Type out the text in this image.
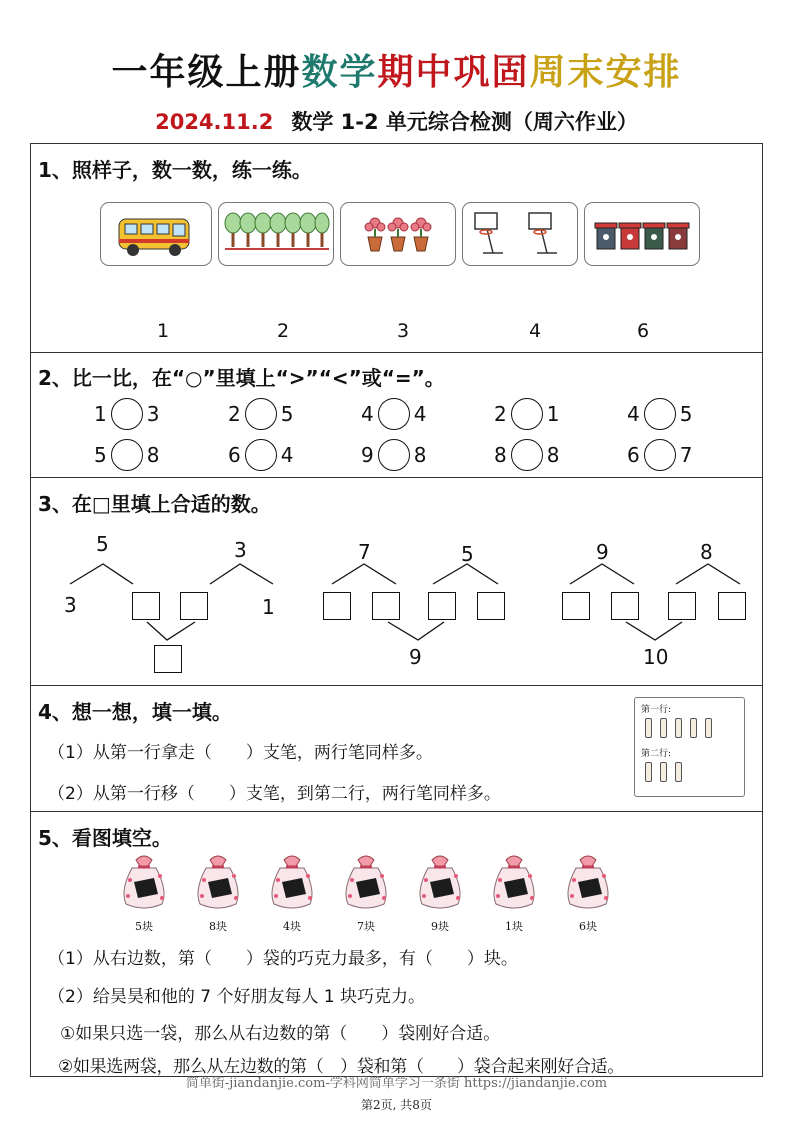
一年级上册数学期中巩固周末安排
2024.11.2 数学 1-2 单元综合检测（周六作业）
1、照样子，数一数，练一练。
1	2	3	4	6
2、比一比，在“○”里填上“>”“<”或“=”。
1 3	2 5	4 4	2 1	4 5
5 8	6 4	9 8	8 8	6 7
3、在□里填上合适的数。
5	3
3	1
7	5
9
9	8
10
4、想一想，填一填。
（1）从第一行拿走（　　）支笔，两行笔同样多。
（2）从第一行移（　　）支笔，到第二行，两行笔同样多。
第一行:
第二行:
5、看图填空。
5块	8块	4块	7块	9块	1块	6块
（1）从右边数，第（　　）袋的巧克力最多，有（　　）块。
（2）给昊昊和他的 7 个好朋友每人 1 块巧克力。
①如果只选一袋，那么从右边数的第（　　）袋刚好合适。
②如果选两袋，那么从左边数的第（　）袋和第（　　）袋合起来刚好合适。
简单街-jiandanjie.com-学科网简单学习一条街 https://jiandanjie.com
第2页, 共8页
